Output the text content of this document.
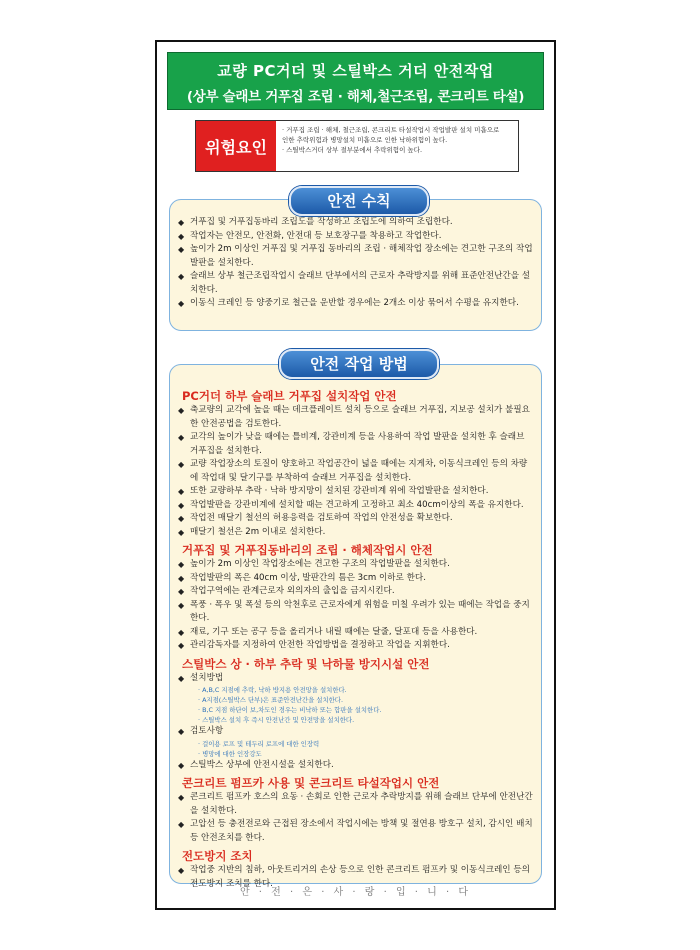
교량 PC거더 및 스틸박스 거더 안전작업
(상부 슬래브 거푸집 조립 · 해체,철근조립, 콘크리트 타설)
위험요인
· 거푸집 조립 · 해체, 철근조립, 콘크리트 타설작업시 작업발판 설치 미흡으로
인한 추락위험과 병망설치 미흡으로 인한 낙하위험이 높다.
· 스틸박스거더 상부 절부분에서 추락위험이 높다.
◆ 거푸집 및 거푸집동바리 조립도를 작성하고 조립도에 의하여 조립한다.
◆ 작업자는 안전모, 안전화, 안전대 등 보호장구를 착용하고 작업한다.
◆ 높이가 2m 이상인 거푸집 및 거푸집 동바리의 조립 · 해체작업 장소에는 견고한 구조의 작업발판을 설치한다.
◆ 슬래브 상부 철근조립작업시 슬래브 단부에서의 근로자 추락방지를 위해 표준안전난간을 설치한다.
◆ 이동식 크레인 등 양중기로 철근을 운반할 경우에는 2개소 이상 묶어서 수평을 유지한다.
안전 수칙
PC거더 하부 슬래브 거푸집 설치작업 안전
◆ 축교량의 교각에 높을 때는 데크플레이트 설치 등으로 슬래브 거푸집, 지보공 설치가 불필요한 안전공법을 검토한다.
◆ 교각의 높이가 낮을 때에는 틀비계, 강관비계 등을 사용하여 작업 발판을 설치한 후 슬래브 거푸집을 설치한다.
◆ 교량 작업장소의 토질이 양호하고 작업공간이 넓을 때에는 지게차, 이동식크레인 등의 차량에 작업대 및 달기구를 부착하여 슬래브 거푸집을 설치한다.
◆ 또한 교량하부 추락 · 낙하 방지망이 설치된 강관비계 위에 작업발판을 설치한다.
◆ 작업발판을 강관비계에 설치할 때는 견고하게 고정하고 최소 40cm이상의 폭을 유지한다.
◆ 작업전 매달기 철선의 허용응력을 검토하여 작업의 안전성을 확보한다.
◆ 매달기 철선은 2m 이내로 설치한다.
거푸집 및 거푸집동바리의 조립 · 해체작업시 안전
◆ 높이가 2m 이상인 작업장소에는 견고한 구조의 작업발판을 설치한다.
◆ 작업발판의 폭은 40cm 이상, 발판간의 틈은 3cm 이하로 한다.
◆ 작업구역에는 관계근로자 외의자의 출입을 금지시킨다.
◆ 폭풍 · 폭우 및 폭설 등의 악천후로 근로자에게 위험을 미칠 우려가 있는 때에는 작업을 중지한다.
◆ 재료, 기구 또는 공구 등을 올리거나 내릴 때에는 달줄, 달포대 등을 사용한다.
◆ 관리감독자를 지정하여 안전한 작업방법을 결정하고 작업을 지휘한다.
스틸박스 상 · 하부 추락 및 낙하물 방지시설 안전
◆ 설치방법
· A,B,C 지점에 추락, 낙하 방지용 안전망을 설치한다.
· A지점(스틸박스 단부)은 표준안전난간을 설치한다.
· B,C 지점 하단이 보,차도인 경우는 비낙하 또는 합판을 설치한다.
· 스틸박스 설치 후 즉시 안전난간 및 안전망을 설치한다.
◆ 검토사항
· 걸이용 로프 및 테두리 로프에 대한 인장력
· 병망에 대한 인장강도
◆ 스틸박스 상부에 안전시설을 설치한다.
콘크리트 펌프카 사용 및 콘크리트 타설작업시 안전
◆ 콘크리트 펌프카 호스의 요동 · 손회로 인한 근로자 추락방지를 위해 슬래브 단부에 안전난간을 설치한다.
◆ 고압선 등 충전전로와 근접된 장소에서 작업시에는 방책 및 절연용 방호구 설치, 감시인 배치 등 안전조치를 한다.
전도방지 조치
◆ 작업중 지반의 침하, 아웃트리거의 손상 등으로 인한 콘크리트 펌프카 및 이동식크레인 등의 전도방지 조치를 한다.
안전 작업 방법
안 · 전 · 은 · 사 · 랑 · 입 · 니 · 다
